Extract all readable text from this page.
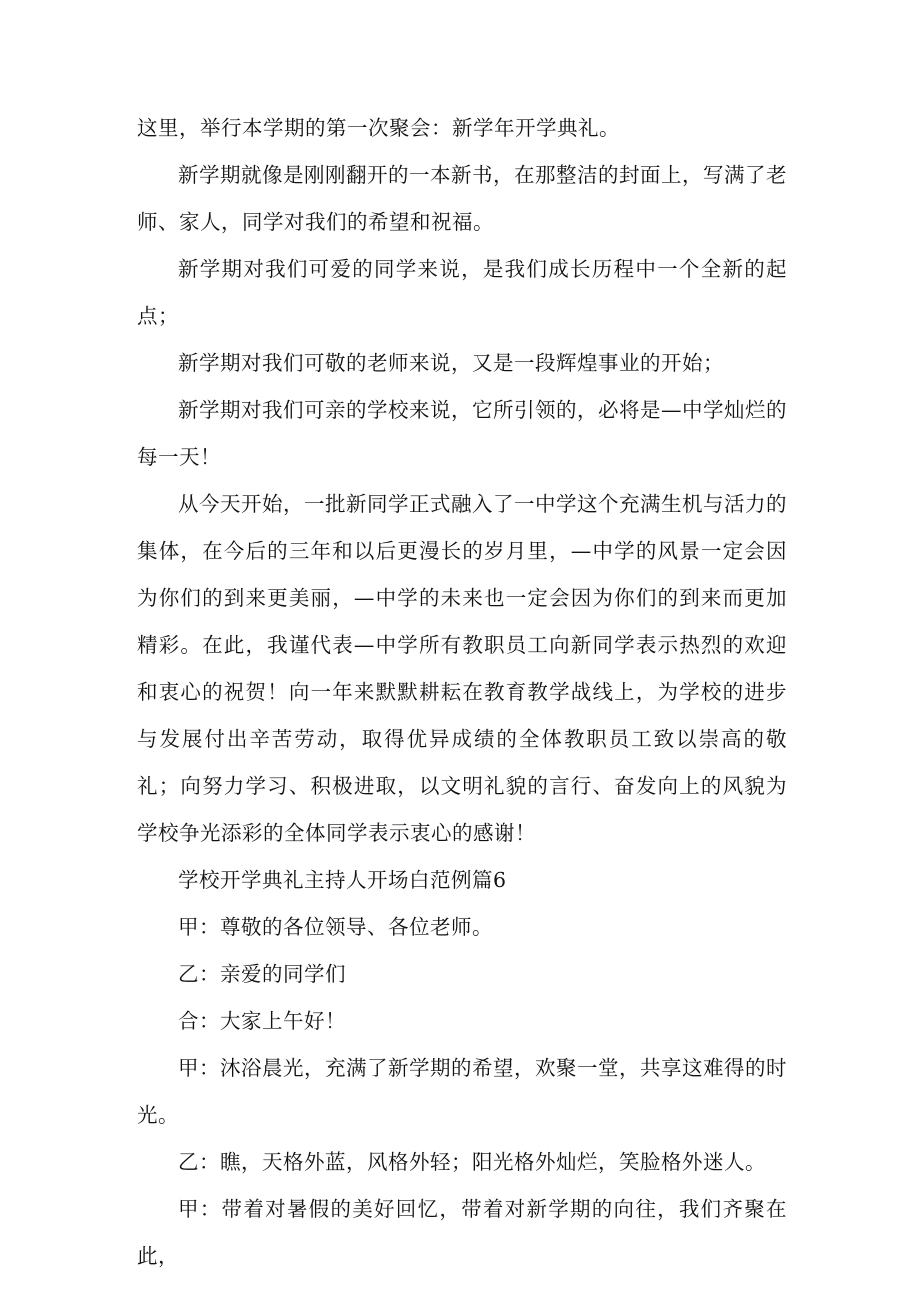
这里，举行本学期的第一次聚会：新学年开学典礼。

新学期就像是刚刚翻开的一本新书，在那整洁的封面上，写满了老师、家人，同学对我们的希望和祝福。

新学期对我们可爱的同学来说，是我们成长历程中一个全新的起点；

新学期对我们可敬的老师来说，又是一段辉煌事业的开始；

新学期对我们可亲的学校来说，它所引领的，必将是—中学灿烂的每一天！

从今天开始，一批新同学正式融入了一中学这个充满生机与活力的集体，在今后的三年和以后更漫长的岁月里，—中学的风景一定会因为你们的到来更美丽，—中学的未来也一定会因为你们的到来而更加精彩。在此，我谨代表—中学所有教职员工向新同学表示热烈的欢迎和衷心的祝贺！向一年来默默耕耘在教育教学战线上，为学校的进步与发展付出辛苦劳动，取得优异成绩的全体教职员工致以崇高的敬礼；向努力学习、积极进取，以文明礼貌的言行、奋发向上的风貌为学校争光添彩的全体同学表示衷心的感谢！

学校开学典礼主持人开场白范例篇6

甲：尊敬的各位领导、各位老师。

乙：亲爱的同学们

合：大家上午好！

甲：沐浴晨光，充满了新学期的希望，欢聚一堂，共享这难得的时光。

乙：瞧，天格外蓝，风格外轻；阳光格外灿烂，笑脸格外迷人。

甲：带着对暑假的美好回忆，带着对新学期的向往，我们齐聚在此，
